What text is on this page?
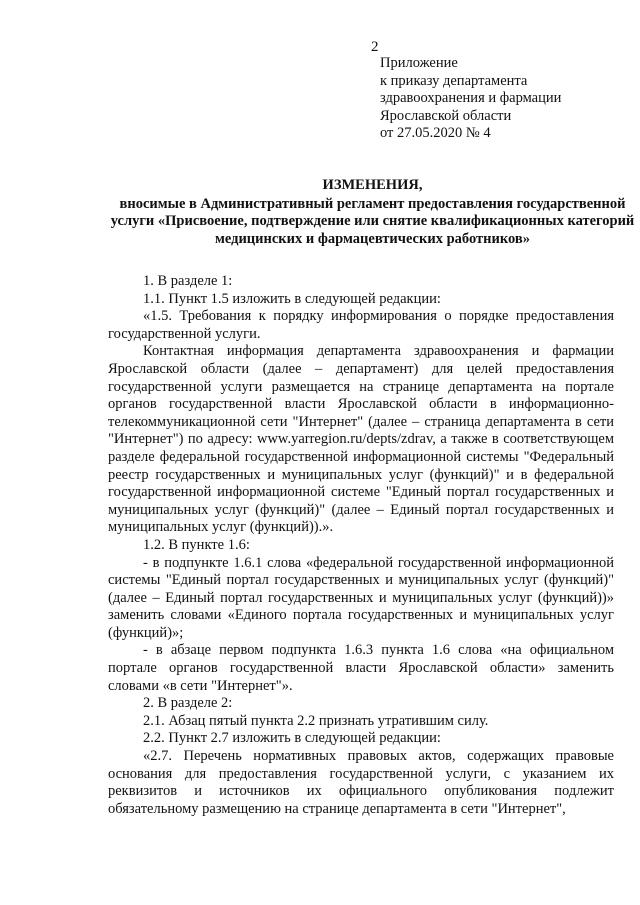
2
Приложение
к приказу департамента
здравоохранения и фармации
Ярославской области
от 27.05.2020 № 4
ИЗМЕНЕНИЯ,
вносимые в Административный регламент предоставления государственной услуги «Присвоение, подтверждение или снятие квалификационных категорий медицинских и фармацевтических работников»

1. В разделе 1:

1.1. Пункт 1.5 изложить в следующей редакции:

«1.5. Требования к порядку информирования о порядке предоставления государственной услуги.

Контактная информация департамента здравоохранения и фармации Ярославской области (далее – департамент) для целей предоставления государственной услуги размещается на странице департамента на портале органов государственной власти Ярославской области в информационно-телекоммуникационной сети "Интернет" (далее – страница департамента в сети "Интернет") по адресу: www.yarregion.ru/depts/zdrav, а также в соответствующем разделе федеральной государственной информационной системы "Федеральный реестр государственных и муниципальных услуг (функций)" и в федеральной государственной информационной системе "Единый портал государственных и муниципальных услуг (функций)" (далее – Единый портал государственных и муниципальных услуг (функций)).».

1.2. В пункте 1.6:

- в подпункте 1.6.1 слова «федеральной государственной информационной системы "Единый портал государственных и муниципальных услуг (функций)" (далее – Единый портал государственных и муниципальных услуг (функций))» заменить словами «Единого портала государственных и муниципальных услуг (функций)»;

- в абзаце первом подпункта 1.6.3 пункта 1.6 слова «на официальном портале органов государственной власти Ярославской области» заменить словами «в сети "Интернет"».

2. В разделе 2:

2.1. Абзац пятый пункта 2.2 признать утратившим силу.

2.2. Пункт 2.7 изложить в следующей редакции:

«2.7. Перечень нормативных правовых актов, содержащих правовые основания для предоставления государственной услуги, с указанием их реквизитов и источников их официального опубликования подлежит обязательному размещению на странице департамента в сети "Интернет",
